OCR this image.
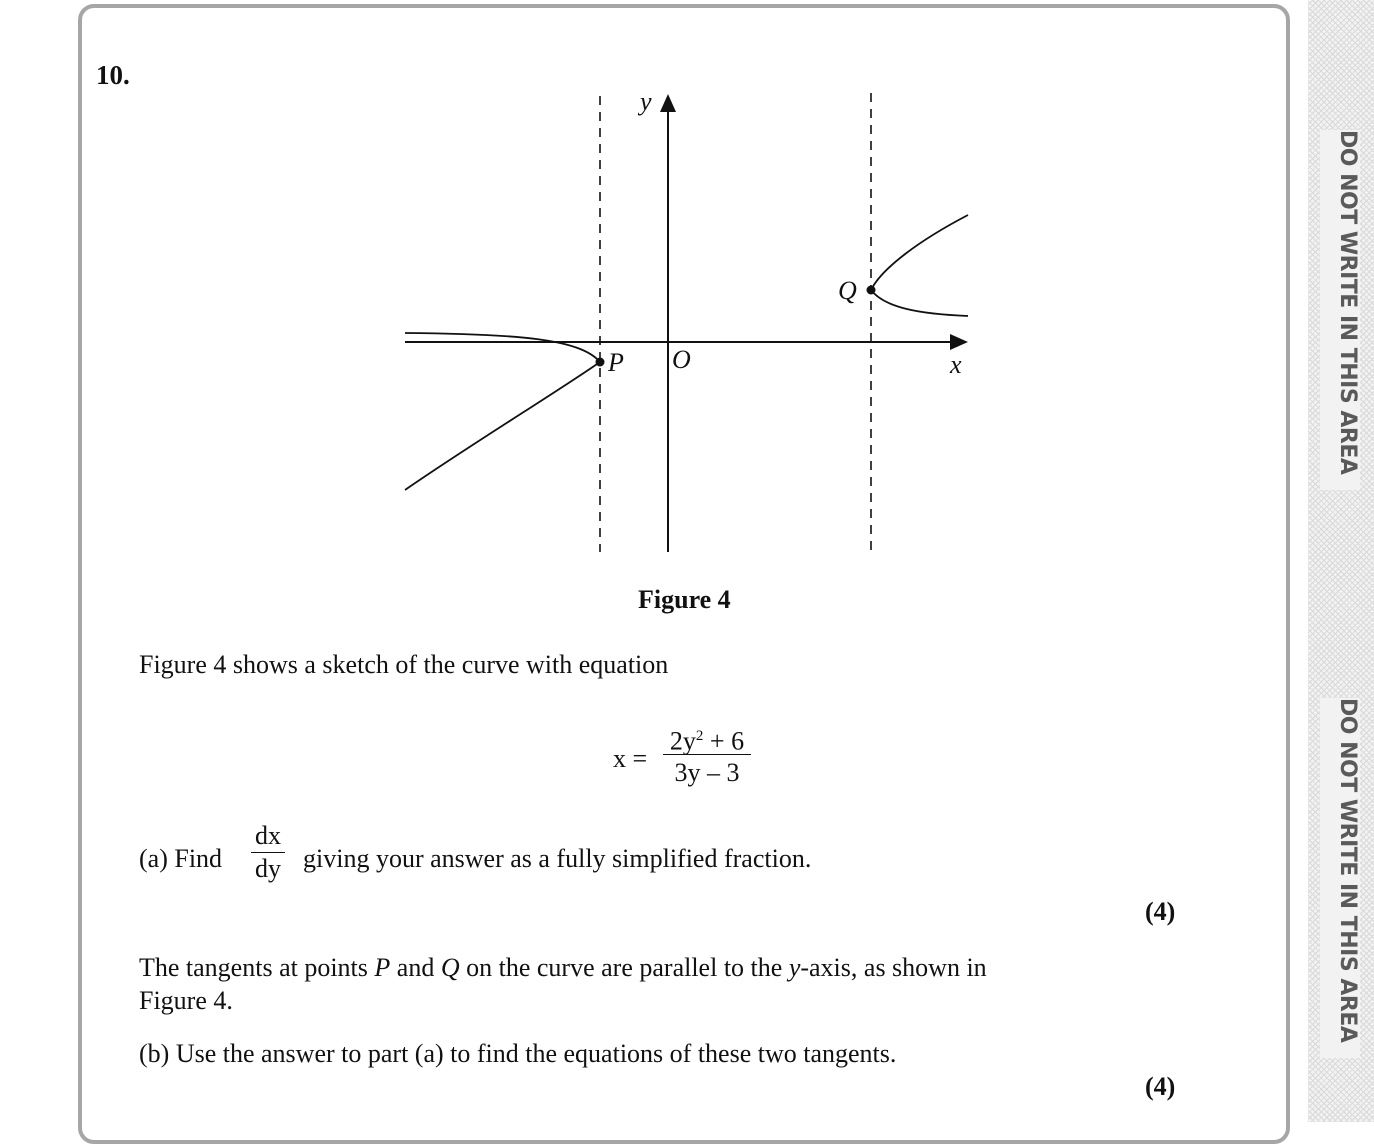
10.
y
x
O
P
Q
Figure 4
Figure 4 shows a sketch of the curve with equation
x =
$2y^2 + 6$
3y – 3
(a) Find
dx
dy giving your answer as a fully simplified fraction.
(4)
The tangents at points P and Q on the curve are parallel to the y-axis, as shown in Figure 4.
(b) Use the answer to part (a) to find the equations of these two tangents.
(4)
DO NOT WRITE IN THIS AREA
DO NOT WRITE IN THIS AREA
